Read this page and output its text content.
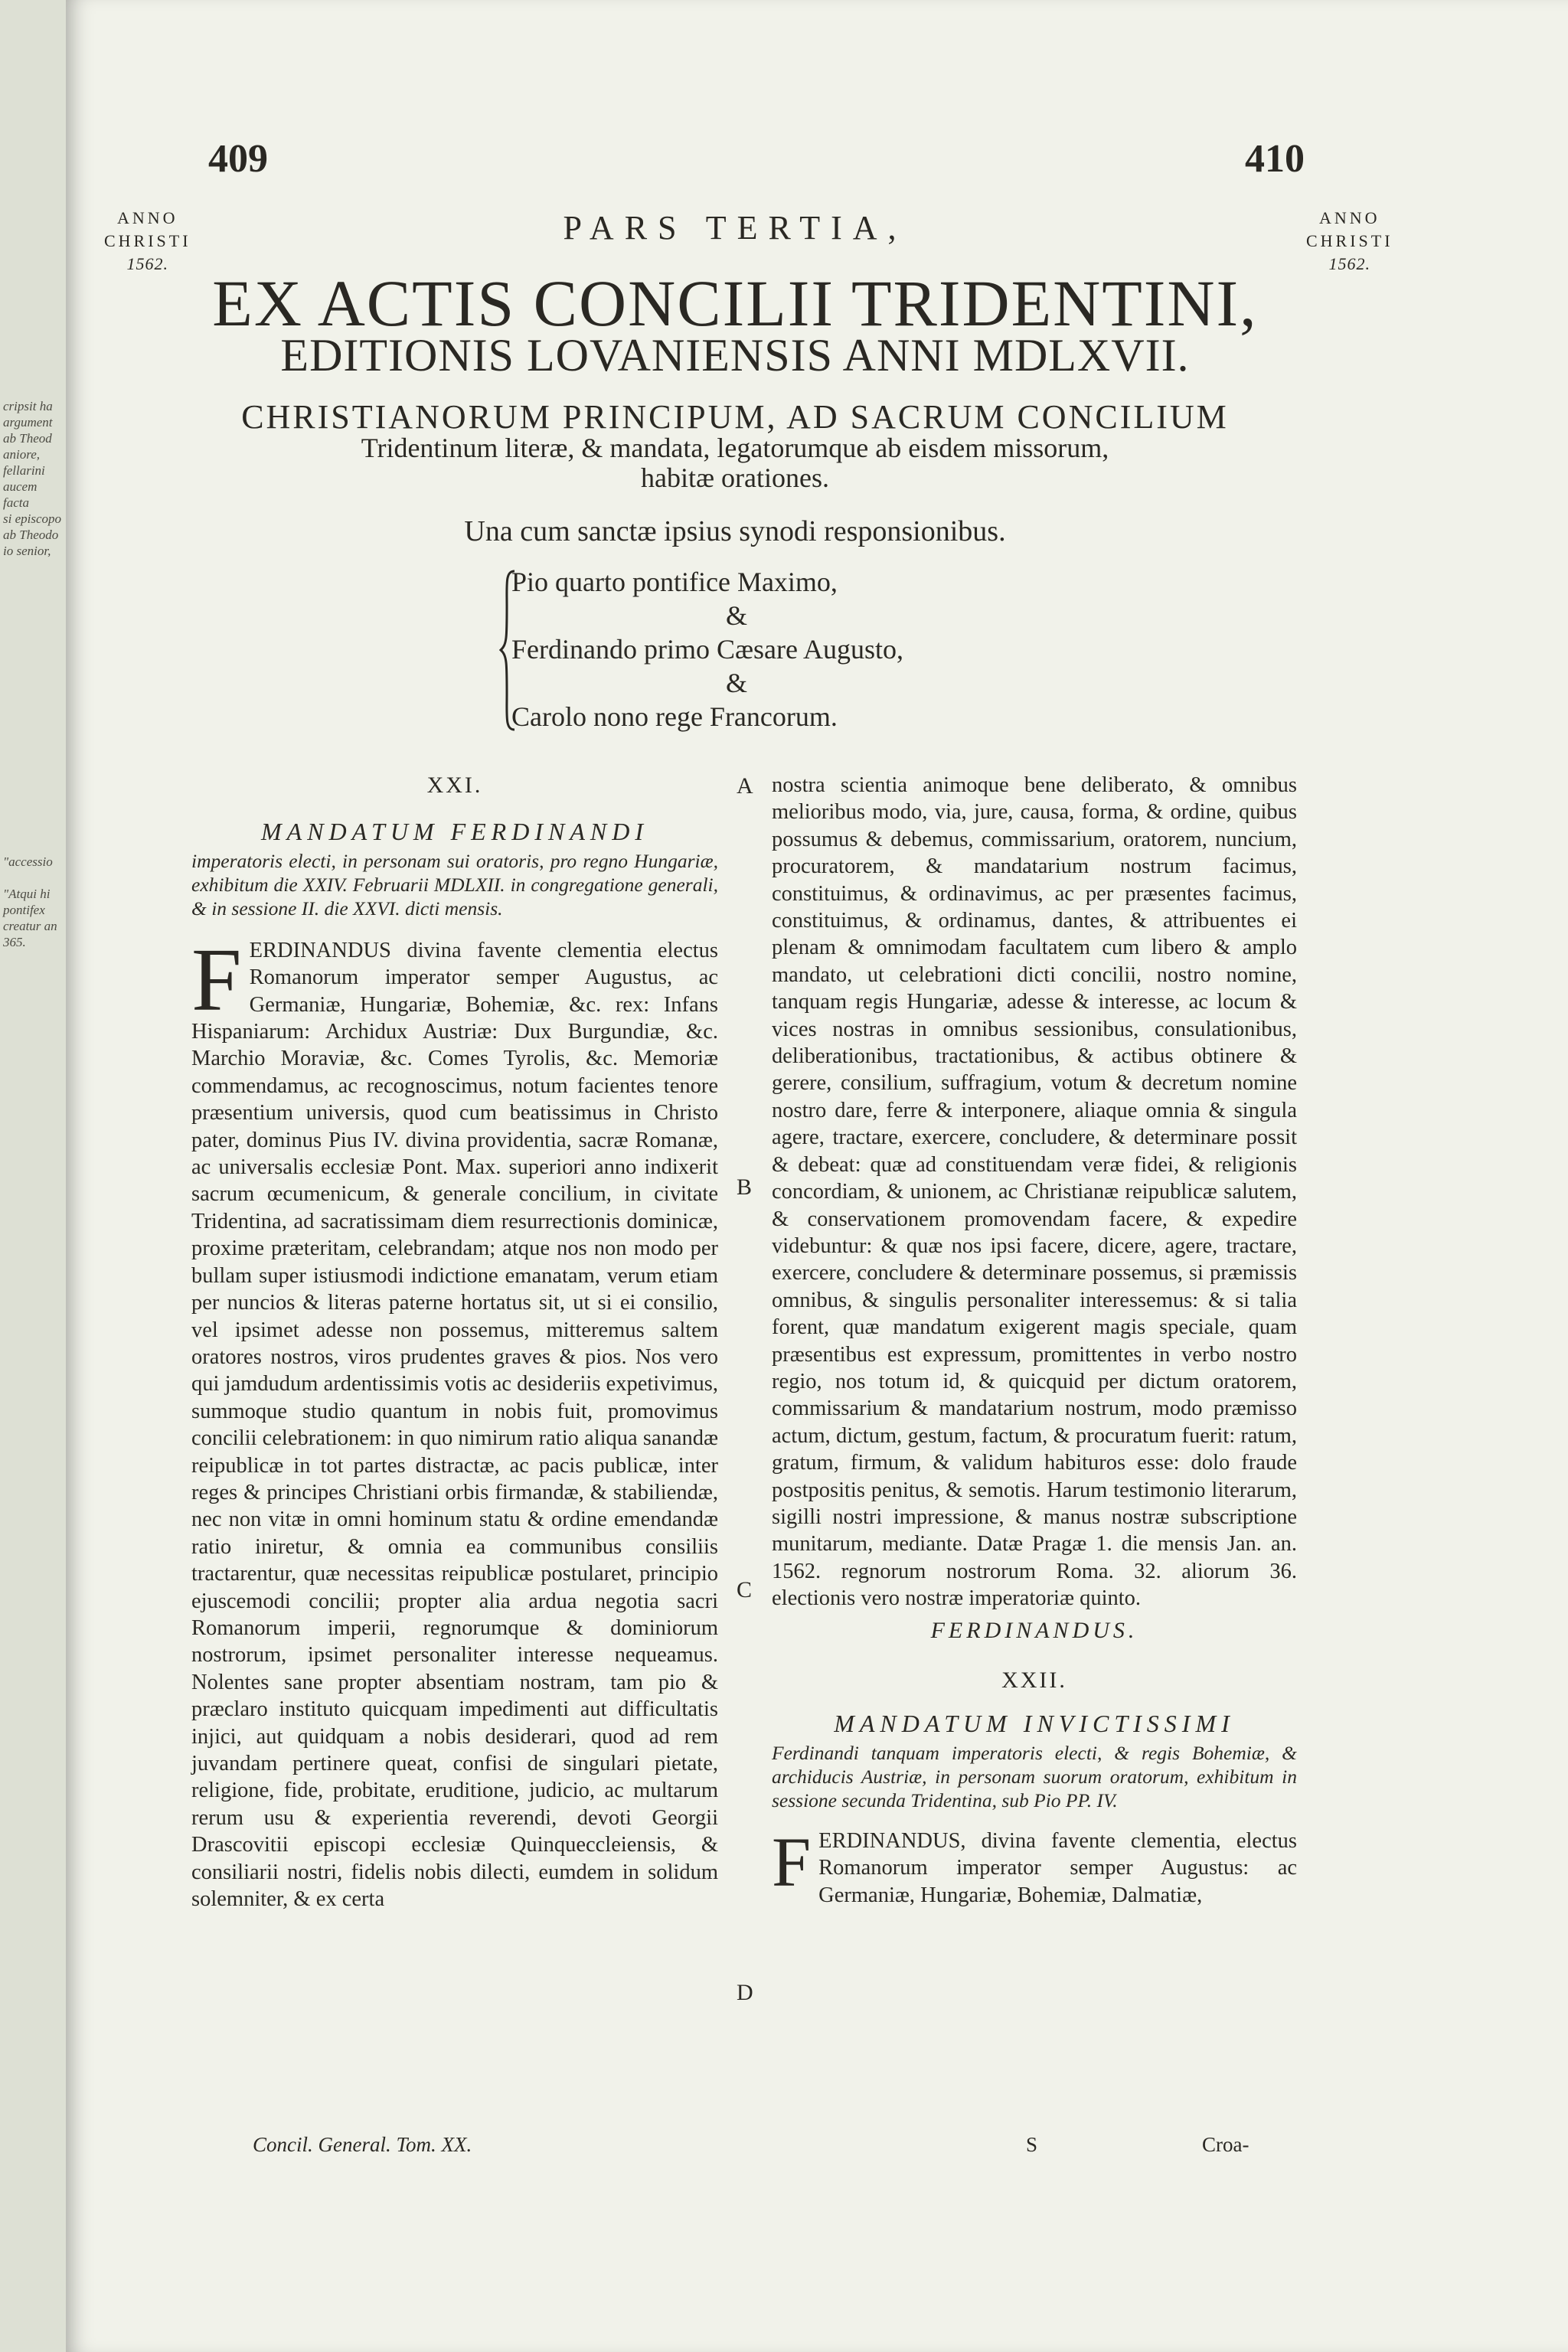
cripsit ha
argument
ab Theod
aniore,
fellarini
aucem facta
si episcopo
ab Theodo
io senior,
"accessio

"Atqui hi
pontifex
creatur an
365.
409	410
ANNO
CHRISTI
1562.
ANNO
CHRISTI
1562.
PARS TERTIA,
EX ACTIS CONCILII TRIDENTINI,
EDITIONIS LOVANIENSIS ANNI MDLXVII.
CHRISTIANORUM PRINCIPUM, AD SACRUM CONCILIUM
Tridentinum literæ, & mandata, legatorumque ab eisdem missorum,
habitæ orationes.
Una cum sanctæ ipsius synodi responsionibus.
Pio quarto pontifice Maximo,
&
Ferdinando primo Cæsare Augusto,
&
Carolo nono rege Francorum.

XXI.

MANDATUM FERDINANDI

imperatoris electi, in personam sui oratoris, pro regno Hungariæ, exhibitum die XXIV. Februarii MDLXII. in congregatione generali, & in sessione II. die XXVI. dicti mensis.

FERDINANDUS divina favente clementia electus Romanorum imperator semper Augustus, ac Germaniæ, Hungariæ, Bohemiæ, &c. rex: Infans Hispaniarum: Archidux Austriæ: Dux Burgundiæ, &c. Marchio Moraviæ, &c. Comes Tyrolis, &c. Memoriæ commendamus, ac recognoscimus, notum facientes tenore præsentium universis, quod cum beatissimus in Christo pater, dominus Pius IV. divina providentia, sacræ Romanæ, ac universalis ecclesiæ Pont. Max. superiori anno indixerit sacrum œcumenicum, & generale concilium, in civitate Tridentina, ad sacratissimam diem resurrectionis dominicæ, proxime præteritam, celebrandam; atque nos non modo per bullam super istiusmodi indictione emanatam, verum etiam per nuncios & literas paterne hortatus sit, ut si ei consilio, vel ipsimet adesse non possemus, mitteremus saltem oratores nostros, viros prudentes graves & pios. Nos vero qui jamdudum ardentissimis votis ac desideriis expetivimus, summoque studio quantum in nobis fuit, promovimus concilii celebrationem: in quo nimirum ratio aliqua sanandæ reipublicæ in tot partes distractæ, ac pacis publicæ, inter reges & principes Christiani orbis firmandæ, & stabiliendæ, nec non vitæ in omni hominum statu & ordine emendandæ ratio iniretur, & omnia ea communibus consiliis tractarentur, quæ necessitas reipublicæ postularet, principio ejuscemodi concilii; propter alia ardua negotia sacri Romanorum imperii, regnorumque & dominiorum nostrorum, ipsimet personaliter interesse nequeamus. Nolentes sane propter absentiam nostram, tam pio & præclaro instituto quicquam impedimenti aut difficultatis injici, aut quidquam a nobis desiderari, quod ad rem juvandam pertinere queat, confisi de singulari pietate, religione, fide, probitate, eruditione, judicio, ac multarum rerum usu & experientia reverendi, devoti Georgii Drascovitii episcopi ecclesiæ Quinqueccleiensis, & consiliarii nostri, fidelis nobis dilecti, eumdem in solidum solemniter, & ex certa

Concil. General. Tom. XX.
A
B
C
D

nostra scientia animoque bene deliberato, & omnibus melioribus modo, via, jure, causa, forma, & ordine, quibus possumus & debemus, commissarium, oratorem, nuncium, procuratorem, & mandatarium nostrum facimus, constituimus, & ordinavimus, ac per præsentes facimus, constituimus, & ordinamus, dantes, & attribuentes ei plenam & omnimodam facultatem cum libero & amplo mandato, ut celebrationi dicti concilii, nostro nomine, tanquam regis Hungariæ, adesse & interesse, ac locum & vices nostras in omnibus sessionibus, consulationibus, deliberationibus, tractationibus, & actibus obtinere & gerere, consilium, suffragium, votum & decretum nomine nostro dare, ferre & interponere, aliaque omnia & singula agere, tractare, exercere, concludere, & determinare possit & debeat: quæ ad constituendam veræ fidei, & religionis concordiam, & unionem, ac Christianæ reipublicæ salutem, & conservationem promovendam facere, & expedire videbuntur: & quæ nos ipsi facere, dicere, agere, tractare, exercere, concludere & determinare possemus, si præmissis omnibus, & singulis personaliter interessemus: & si talia forent, quæ mandatum exigerent magis speciale, quam præsentibus est expressum, promittentes in verbo nostro regio, nos totum id, & quicquid per dictum oratorem, commissarium & mandatarium nostrum, modo præmisso actum, dictum, gestum, factum, & procuratum fuerit: ratum, gratum, firmum, & validum habituros esse: dolo fraude postpositis penitus, & semotis. Harum testimonio literarum, sigilli nostri impressione, & manus nostræ subscriptione munitarum, mediante. Datæ Pragæ 1. die mensis Jan. an. 1562. regnorum nostrorum Roma. 32. aliorum 36. electionis vero nostræ imperatoriæ quinto.

FERDINANDUS.

XXII.

MANDATUM INVICTISSIMI

Ferdinandi tanquam imperatoris electi, & regis Bohemiæ, & archiducis Austriæ, in personam suorum oratorum, exhibitum in sessione secunda Tridentina, sub Pio PP. IV.

FERDINANDUS, divina favente clementia, electus Romanorum imperator semper Augustus: ac Germaniæ, Hungariæ, Bohemiæ, Dalmatiæ,

S	Croa-
